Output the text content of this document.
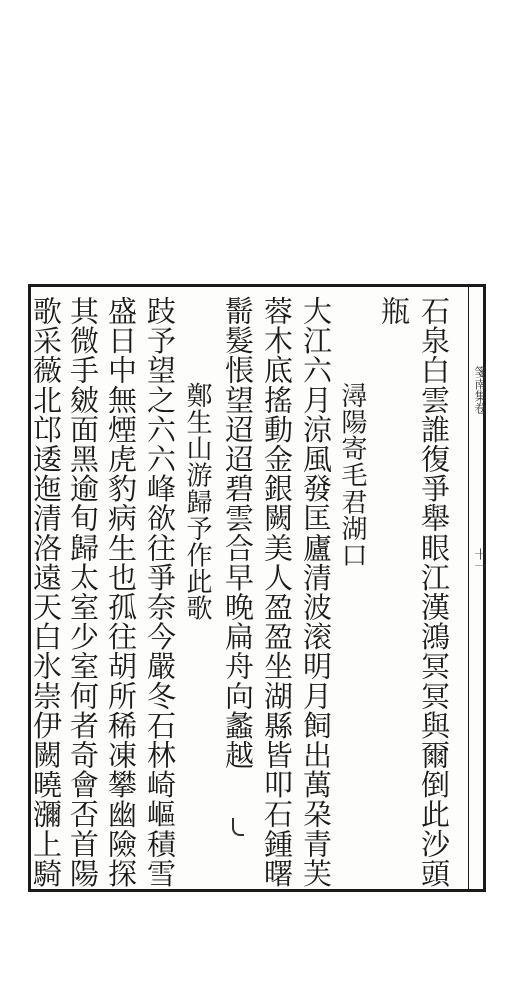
箋南集卷
十一
石泉白雲誰復爭舉眼江漢鴻冥冥與爾倒此沙頭
瓶
潯陽寄毛君湖口
大江六月涼風發匡廬清波滚明月飼出萬朶青芙
蓉木底搖動金銀闕美人盈盈坐湖縣皆叩石鍾曙
鬋髮悵望迢迢碧雲合早晚扁舟向蠡越
鄭生山游歸予作此歌
跂予望之六六峰欲往爭奈今嚴冬石林崎嶇積雪
盛日中無煙虎豹病生也孤往胡所稀凍攀幽險探
其微手皴面黑逾旬歸太室少室何者奇會否首陽
歌采薇北邙逶迤清洛遠天白氷崇伊闕曉瀰上騎
